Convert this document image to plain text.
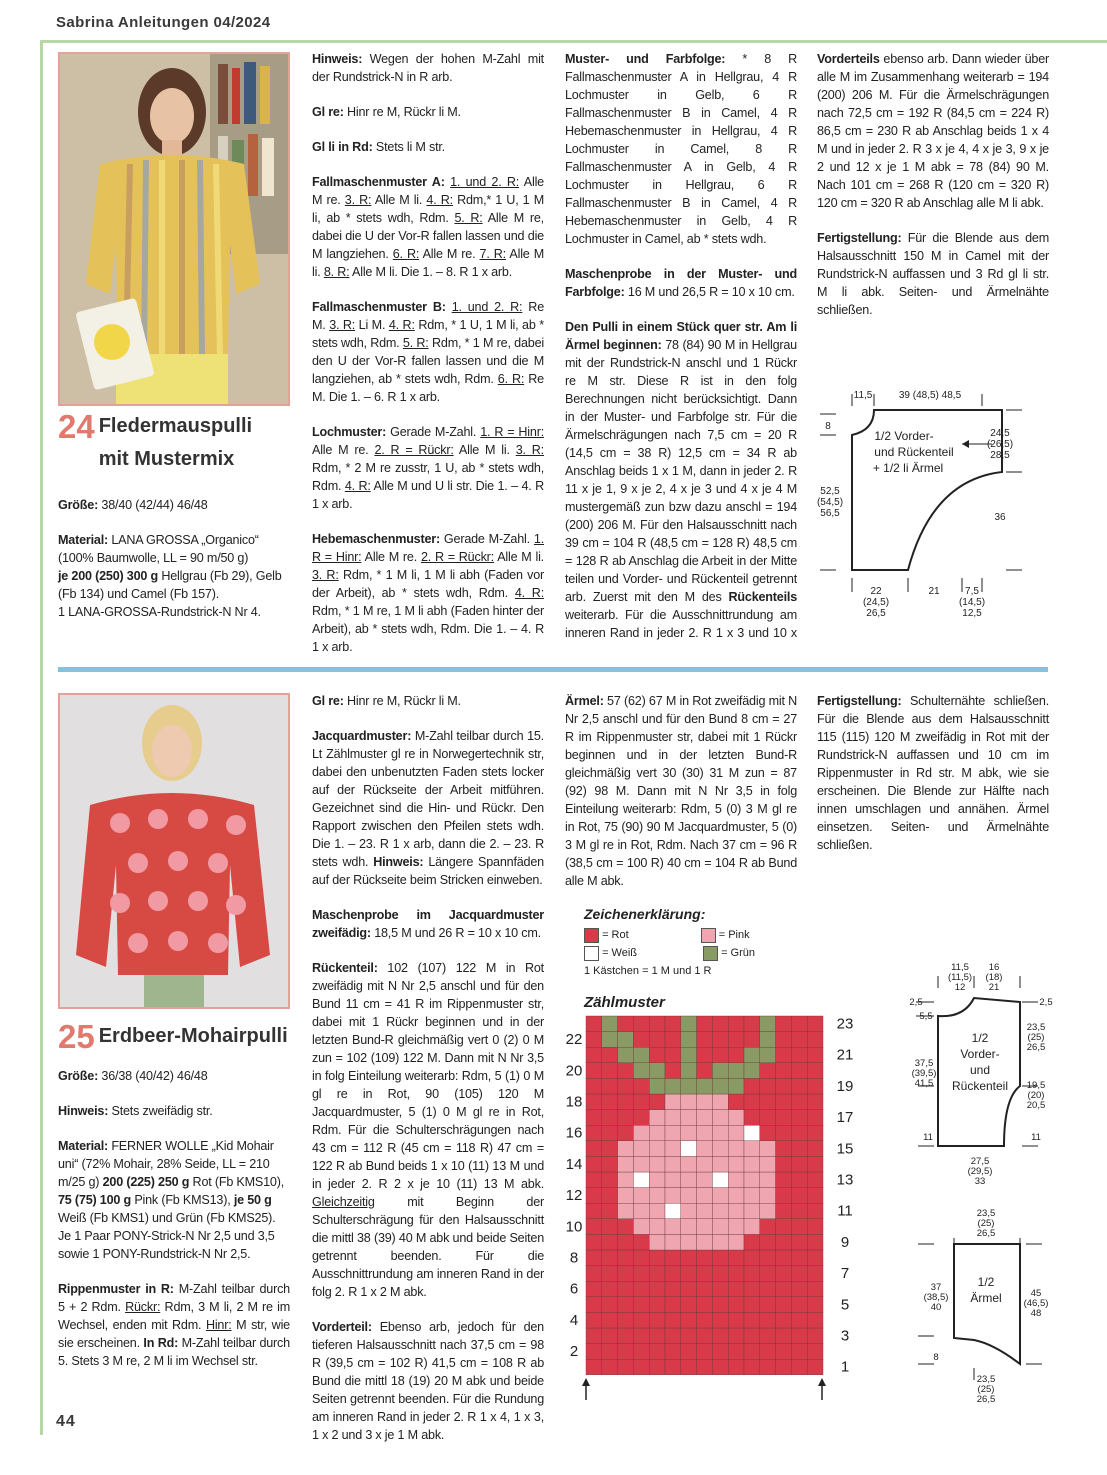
Sabrina Anleitungen 04/2024
24 Fledermauspulli
mit Mustermix

Größe: 38/40 (42/44) 46/48

Material: LANA GROSSA „Organico“ (100% Baumwolle, LL = 90 m/50 g)
je 200 (250) 300 g Hellgrau (Fb 29), Gelb (Fb 134) und Camel (Fb 157).
1 LANA-GROSSA-Rundstrick-N Nr 4.

Hinweis: Wegen der hohen M-Zahl mit der Rundstrick-N in R arb.

Gl re: Hinr re M, Rückr li M.

Gl li in Rd: Stets li M str.

Fallmaschenmuster A: 1. und 2. R: Alle M re. 3. R: Alle M li. 4. R: Rdm,* 1 U, 1 M li, ab * stets wdh, Rdm. 5. R: Alle M re, dabei die U der Vor-R fallen lassen und die M langziehen. 6. R: Alle M re. 7. R: Alle M li. 8. R: Alle M li. Die 1. – 8. R 1 x arb.

Fallmaschenmuster B: 1. und 2. R: Re M. 3. R: Li M. 4. R: Rdm, * 1 U, 1 M li, ab * stets wdh, Rdm. 5. R: Rdm, * 1 M re, dabei den U der Vor-R fallen lassen und die M langziehen, ab * stets wdh, Rdm. 6. R: Re M. Die 1. – 6. R 1 x arb.

Lochmuster: Gerade M-Zahl. 1. R = Hinr: Alle M re. 2. R = Rückr: Alle M li. 3. R: Rdm, * 2 M re zusstr, 1 U, ab * stets wdh, Rdm. 4. R: Alle M und U li str. Die 1. – 4. R 1 x arb.

Hebemaschenmuster: Gerade M-Zahl. 1. R = Hinr: Alle M re. 2. R = Rückr: Alle M li. 3. R: Rdm, * 1 M li, 1 M li abh (Faden vor der Arbeit), ab * stets wdh, Rdm. 4. R: Rdm, * 1 M re, 1 M li abh (Faden hinter der Arbeit), ab * stets wdh, Rdm. Die 1. – 4. R 1 x arb.

Muster- und Farbfolge: * 8 R Fallmaschenmuster A in Hellgrau, 4 R Lochmuster in Gelb, 6 R Fallmaschenmuster B in Camel, 4 R Hebemaschenmuster in Hellgrau, 4 R Lochmuster in Camel, 8 R Fallmaschenmuster A in Gelb, 4 R Lochmuster in Hellgrau, 6 R Fallmaschenmuster B in Camel, 4 R Hebemaschenmuster in Gelb, 4 R Lochmuster in Camel, ab * stets wdh.

Maschenprobe in der Muster- und Farbfolge: 16 M und 26,5 R = 10 x 10 cm.

Den Pulli in einem Stück quer str. Am li Ärmel beginnen: 78 (84) 90 M in Hellgrau mit der Rundstrick-N anschl und 1 Rückr re M str. Diese R ist in den folg Berechnungen nicht berücksichtigt. Dann in der Muster- und Farbfolge str. Für die Ärmelschrägungen nach 7,5 cm = 20 R (14,5 cm = 38 R) 12,5 cm = 34 R ab Anschlag beids 1 x 1 M, dann in jeder 2. R 11 x je 1, 9 x je 2, 4 x je 3 und 4 x je 4 M mustergemäß zun bzw dazu anschl = 194 (200) 206 M. Für den Halsausschnitt nach 39 cm = 104 R (48,5 cm = 128 R) 48,5 cm = 128 R ab Anschlag die Arbeit in der Mitte teilen und Vorder- und Rückenteil getrennt arb. Zuerst mit den M des Rückenteils weiterarb. Für die Ausschnittrundung am inneren Rand in jeder 2. R 1 x 3 und 10 x

Vorderteils ebenso arb. Dann wieder über alle M im Zusammenhang weiterarb = 194 (200) 206 M. Für die Ärmelschrägungen nach 72,5 cm = 192 R (84,5 cm = 224 R) 86,5 cm = 230 R ab Anschlag beids 1 x 4 M und in jeder 2. R 3 x je 4, 4 x je 3, 9 x je 2 und 12 x je 1 M abk = 78 (84) 90 M. Nach 101 cm = 268 R (120 cm = 320 R) 120 cm = 320 R ab Anschlag alle M li abk.

Fertigstellung: Für die Blende aus dem Halsausschnitt 150 M in Camel mit der Rundstrick-N auffassen und 3 Rd gl li str. M li abk. Seiten- und Ärmelnähte schließen.

11,5	39 (48,5) 48,5
8
52,5
(54,5)
56,5
24,5
(26,5)
28,5
36
22
(24,5)
26,5
21	7,5
(14,5)
12,5
1/2 Vorder-
und Rückenteil
+ 1/2 li Ärmel
25 Erdbeer-Mohairpulli

Größe: 36/38 (40/42) 46/48

Hinweis: Stets zweifädig str.

Material: FERNER WOLLE „Kid Mohair uni“ (72% Mohair, 28% Seide, LL = 210 m/25 g) 200 (225) 250 g Rot (Fb KMS10), 75 (75) 100 g Pink (Fb KMS13), je 50 g Weiß (Fb KMS1) und Grün (Fb KMS25).
Je 1 Paar PONY-Strick-N Nr 2,5 und 3,5 sowie 1 PONY-Rundstrick-N Nr 2,5.

Rippenmuster in R: M-Zahl teilbar durch 5 + 2 Rdm. Rückr: Rdm, 3 M li, 2 M re im Wechsel, enden mit Rdm. Hinr: M str, wie sie erscheinen. In Rd: M-Zahl teilbar durch 5. Stets 3 M re, 2 M li im Wechsel str.

Gl re: Hinr re M, Rückr li M.

Jacquardmuster: M-Zahl teilbar durch 15. Lt Zählmuster gl re in Norwegertechnik str, dabei den unbenutzten Faden stets locker auf der Rückseite der Arbeit mitführen. Gezeichnet sind die Hin- und Rückr. Den Rapport zwischen den Pfeilen stets wdh. Die 1. – 23. R 1 x arb, dann die 2. – 23. R stets wdh. Hinweis: Längere Spannfäden auf der Rückseite beim Stricken einweben.

Maschenprobe im Jacquardmuster zweifädig: 18,5 M und 26 R = 10 x 10 cm.

Rückenteil: 102 (107) 122 M in Rot zweifädig mit N Nr 2,5 anschl und für den Bund 11 cm = 41 R im Rippenmuster str, dabei mit 1 Rückr beginnen und in der letzten Bund-R gleichmäßig vert 0 (2) 0 M zun = 102 (109) 122 M. Dann mit N Nr 3,5 in folg Einteilung weiterarb: Rdm, 5 (1) 0 M gl re in Rot, 90 (105) 120 M Jacquardmuster, 5 (1) 0 M gl re in Rot, Rdm. Für die Schulterschrägungen nach 43 cm = 112 R (45 cm = 118 R) 47 cm = 122 R ab Bund beids 1 x 10 (11) 13 M und in jeder 2. R 2 x je 10 (11) 13 M abk. Gleichzeitig	mit Beginn der Schulterschrägung für den Halsausschnitt die mittl 38 (39) 40 M abk und beide Seiten getrennt beenden. Für die Ausschnittrundung am inneren Rand in der folg 2. R 1 x 2 M abk.

Vorderteil: Ebenso arb, jedoch für den tieferen Halsausschnitt nach 37,5 cm = 98 R (39,5 cm = 102 R) 41,5 cm = 108 R ab Bund die mittl 18 (19) 20 M abk und beide Seiten getrennt beenden. Für die Rundung am inneren Rand in jeder 2. R 1 x 4, 1 x 3, 1 x 2 und 3 x je 1 M abk.

Ärmel: 57 (62) 67 M in Rot zweifädig mit N Nr 2,5 anschl und für den Bund 8 cm = 27 R im Rippenmuster str, dabei mit 1 Rückr beginnen und in der letzten Bund-R gleichmäßig vert 30 (30) 31 M zun = 87 (92) 98 M. Dann mit N Nr 3,5 in folg Einteilung weiterarb: Rdm, 5 (0) 3 M gl re in Rot, 75 (90) 90 M Jacquardmuster, 5 (0) 3 M gl re in Rot, Rdm. Nach 37 cm = 96 R (38,5 cm = 100 R) 40 cm = 104 R ab Bund alle M abk.

Fertigstellung: Schulternähte schließen. Für die Blende aus dem Halsausschnitt 115 (115) 120 M zweifädig in Rot mit der Rundstrick-N auffassen und 10 cm im Rippenmuster in Rd str. M abk, wie sie erscheinen. Die Blende zur Hälfte nach innen umschlagen und annähen. Ärmel einsetzen. Seiten- und Ärmelnähte schließen.

Zeichenerklärung:
= Rot	= Pink
= Weiß	= Grün
1 Kästchen = 1 M und 1 R
Zählmuster
22
20
18
16
14
12
10
8
6
4
2
23
21
19
17
15
13
11
9
7
5
3
1
11,5
(11,5)
12
16
(18)
21
2,5
5,5
2,5
23,5
(25)
26,5
37,5
(39,5)
41,5	19,5
(20)
20,5
11	11
27,5
(29,5)
33
1/2
Vorder-
und
Rückenteil
23,5
(25)
26,5
37
(38,5)
40
45
(46,5)
48
8
23,5
(25)
26,5
1/2
Ärmel
44
